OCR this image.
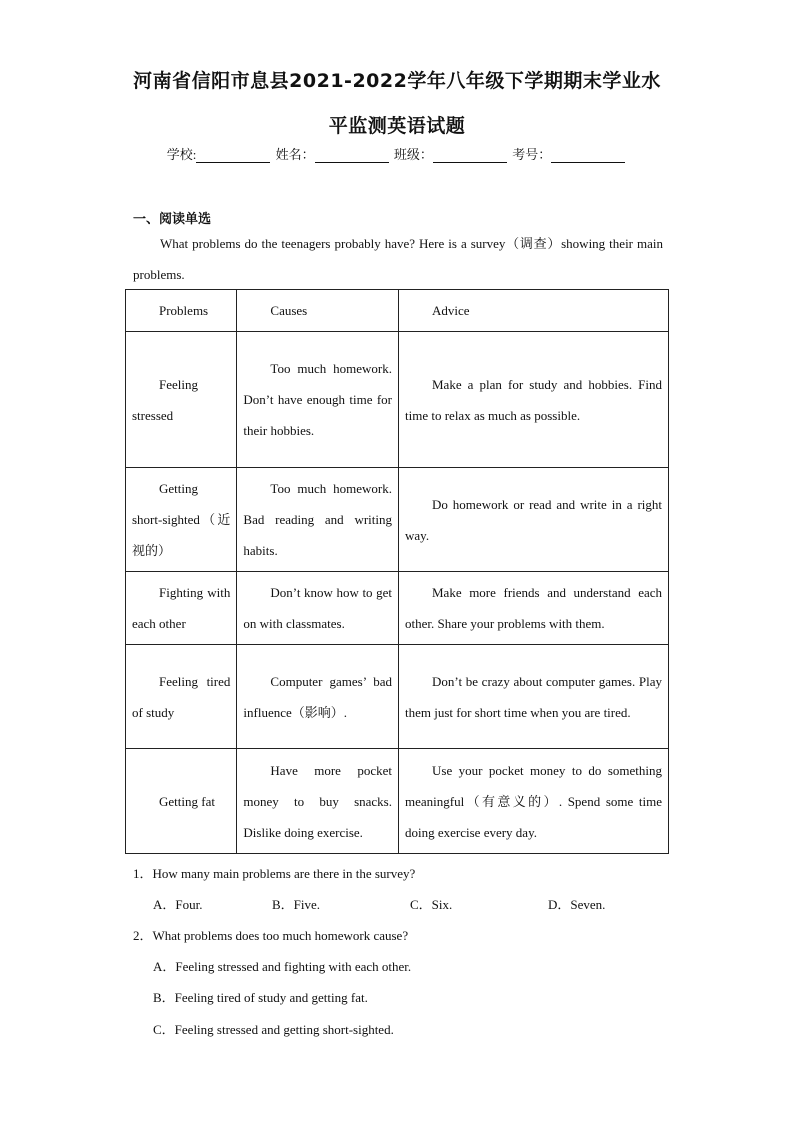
河南省信阳市息县2021-2022学年八年级下学期期末学业水
平监测英语试题
学校:	姓名：	班级：	考号：
一、阅读单选
What problems do the teenagers probably have? Here is a survey（调查）showing their main problems.
Problems	Causes	Advice
Feeling stressed	Too much homework. Don’t have enough time for their hobbies.	Make a plan for study and hobbies. Find time to relax as much as possible.
Getting short-sighted（近视的）	Too much homework. Bad reading and writing habits.	Do homework or read and write in a right way.
Fighting with each other	Don’t know how to get on with classmates.	Make more friends and understand each other. Share your problems with them.
Feeling tired of study	Computer games’ bad influence（影响）.	Don’t be crazy about computer games. Play them just for short time when you are tired.
Getting fat	Have more pocket money to buy snacks. Dislike doing exercise.	Use your pocket money to do something meaningful（有意义的）. Spend some time doing exercise every day.
1．How many main problems are there in the survey?
A．Four.	B．Five.	C．Six.	D．Seven.
2．What problems does too much homework cause?
A．Feeling stressed and fighting with each other.
B．Feeling tired of study and getting fat.
C．Feeling stressed and getting short-sighted.
